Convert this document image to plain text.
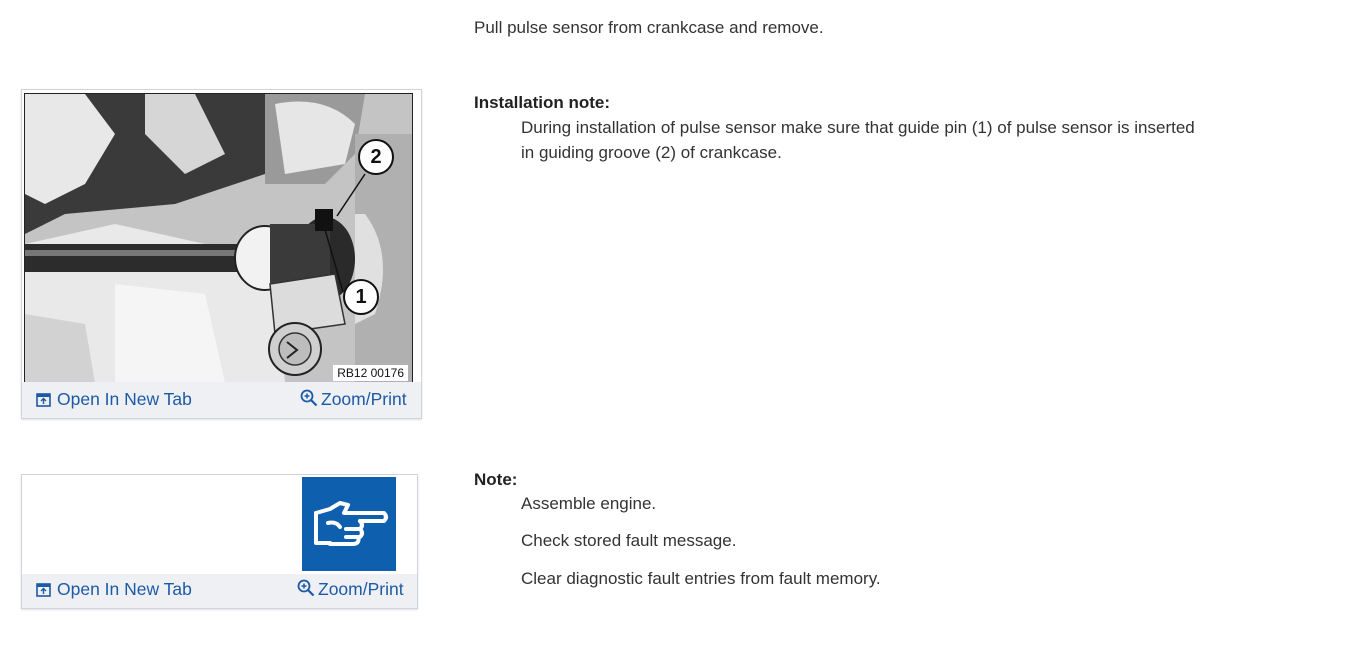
Pull pulse sensor from crankcase and remove.
Installation note:
During installation of pulse sensor make sure that guide pin (1) of pulse sensor is inserted
in guiding groove (2) of crankcase.
2
1
RB12 00176
Open In New Tab	Zoom/Print
Note:
Assemble engine.
Check stored fault message.
Clear diagnostic fault entries from fault memory.
Open In New Tab	Zoom/Print
